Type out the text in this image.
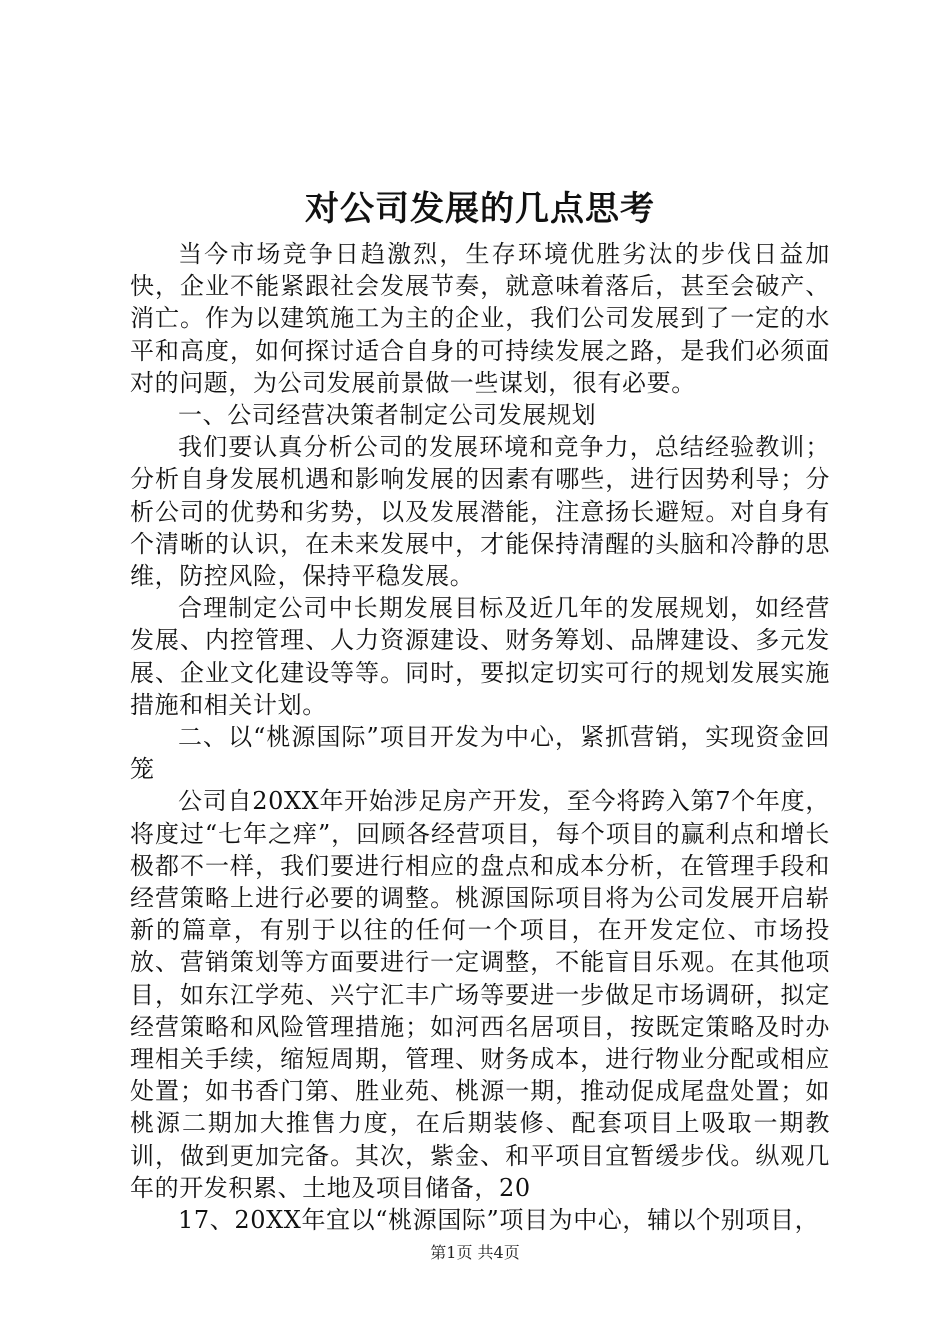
对公司发展的几点思考

当今市场竞争日趋激烈，生存环境优胜劣汰的步伐日益加快，企业不能紧跟社会发展节奏，就意味着落后，甚至会破产、消亡。作为以建筑施工为主的企业，我们公司发展到了一定的水平和高度，如何探讨适合自身的可持续发展之路，是我们必须面对的问题，为公司发展前景做一些谋划，很有必要。

一、公司经营决策者制定公司发展规划

我们要认真分析公司的发展环境和竞争力，总结经验教训；分析自身发展机遇和影响发展的因素有哪些，进行因势利导；分析公司的优势和劣势，以及发展潜能，注意扬长避短。对自身有个清晰的认识，在未来发展中，才能保持清醒的头脑和冷静的思维，防控风险，保持平稳发展。

合理制定公司中长期发展目标及近几年的发展规划，如经营发展、内控管理、人力资源建设、财务筹划、品牌建设、多元发展、企业文化建设等等。同时，要拟定切实可行的规划发展实施措施和相关计划。

二、以“桃源国际”项目开发为中心，紧抓营销，实现资金回笼

公司自20XX年开始涉足房产开发，至今将跨入第7个年度，将度过“七年之痒”，回顾各经营项目，每个项目的赢利点和增长极都不一样，我们要进行相应的盘点和成本分析，在管理手段和经营策略上进行必要的调整。桃源国际项目将为公司发展开启崭新的篇章，有别于以往的任何一个项目，在开发定位、市场投放、营销策划等方面要进行一定调整，不能盲目乐观。在其他项目，如东江学苑、兴宁汇丰广场等要进一步做足市场调研，拟定经营策略和风险管理措施；如河西名居项目，按既定策略及时办理相关手续，缩短周期，管理、财务成本，进行物业分配或相应处置；如书香门第、胜业苑、桃源一期，推动促成尾盘处置；如桃源二期加大推售力度，在后期装修、配套项目上吸取一期教训，做到更加完备。其次，紫金、和平项目宜暂缓步伐。纵观几年的开发积累、土地及项目储备，20

17、20XX年宜以“桃源国际”项目为中心，辅以个别项目，

第1页 共4页
